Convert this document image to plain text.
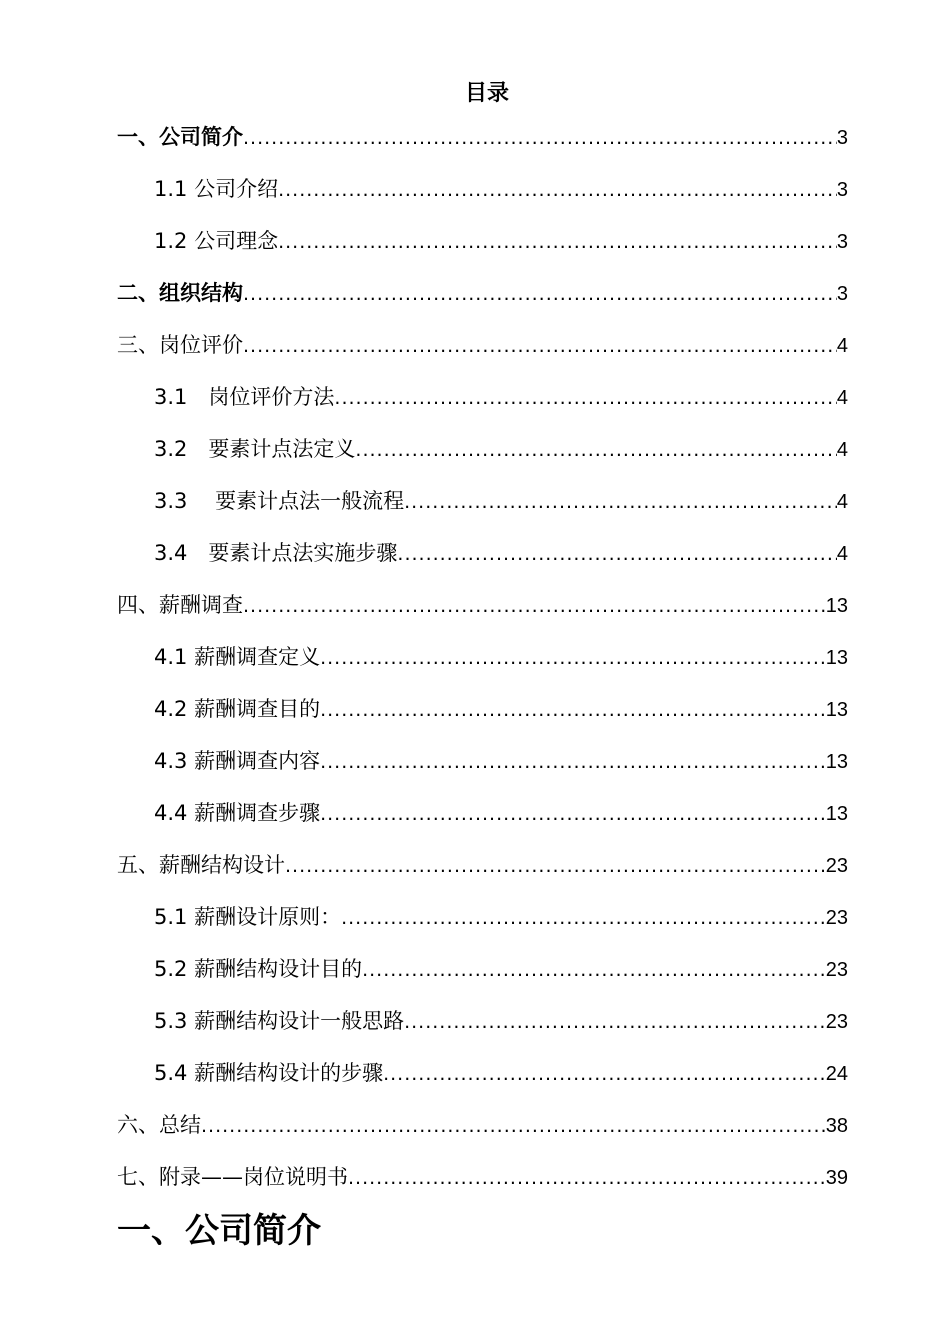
目录
一、公司简介 .....	3
1.1 公司介绍 .....	3
1.2 公司理念 .....	3
二、组织结构 .....	3
三、岗位评价 .....	4
3.1　岗位评价方法 .....	4
3.2　要素计点法定义 .....	4
3.3　 要素计点法一般流程 .....	4
3.4　要素计点法实施步骤 .....	4
四、薪酬调查 .....	13
4.1 薪酬调查定义 .....	13
4.2 薪酬调查目的 .....	13
4.3 薪酬调查内容 .....	13
4.4 薪酬调查步骤 .....	13
五、薪酬结构设计 .....	23
5.1 薪酬设计原则： .....	23
5.2 薪酬结构设计目的 .....	23
5.3 薪酬结构设计一般思路 .....	23
5.4 薪酬结构设计的步骤 .....	24
六、总结 .....	38
七、附录——岗位说明书 .....	39
一、公司简介
